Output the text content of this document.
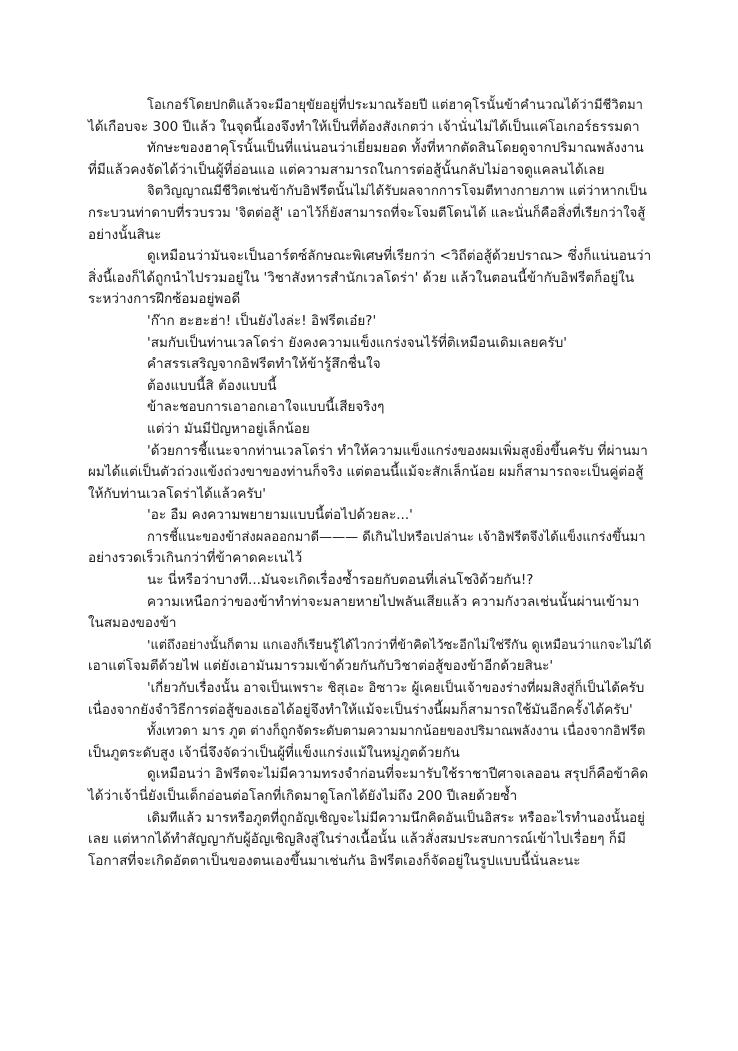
โอเกอร์โดยปกติแล้วจะมีอายุขัยอยู่ที่ประมาณร้อยปี แต่ฮาคุโรนั้นข้าคำนวณได้ว่ามีชีวิตมา
ได้เกือบจะ 300 ปีแล้ว ในจุดนี้เองจึงทำให้เป็นที่ต้องสังเกตว่า เจ้านั่นไม่ได้เป็นแค่โอเกอร์ธรรมดา
ทักษะของฮาคุโรนั้นเป็นที่แน่นอนว่าเยี่ยมยอด ทั้งที่หากตัดสินโดยดูจากปริมาณพลังงาน
ที่มีแล้วคงจัดได้ว่าเป็นผู้ที่อ่อนแอ แต่ความสามารถในการต่อสู้นั้นกลับไม่อาจดูแคลนได้เลย
จิตวิญญาณมีชีวิตเช่นข้ากับอิฟรีตนั้นไม่ได้รับผลจากการโจมตีทางกายภาพ แต่ว่าหากเป็น
กระบวนท่าดาบที่รวบรวม 'จิตต่อสู้' เอาไว้ก็ยังสามารถที่จะโจมตีโดนได้ และนั่นก็คือสิ่งที่เรียกว่าใจสู้
อย่างนั้นสินะ
ดูเหมือนว่ามันจะเป็นอาร์ตซ์ลักษณะพิเศษที่เรียกว่า <วิถีต่อสู้ด้วยปราณ> ซึ่งก็แน่นอนว่า
สิ่งนี้เองก็ได้ถูกนำไปรวมอยู่ใน 'วิชาสังหารสำนักเวลโดร่า' ด้วย แล้วในตอนนี้ข้ากับอิฟรีตก็อยู่ใน
ระหว่างการฝึกซ้อมอยู่พอดี
'ก๊าก ฮะฮะฮ่า! เป็นยังไงล่ะ! อิฟรีตเอ๋ย?'
'สมกับเป็นท่านเวลโดร่า ยังคงความแข็งแกร่งจนไร้ที่ติเหมือนเดิมเลยครับ'
คำสรรเสริญจากอิฟรีตทำให้ข้ารู้สึกชื่นใจ
ต้องแบบนี้สิ ต้องแบบนี้
ข้าละชอบการเอาอกเอาใจแบบนี้เสียจริงๆ
แต่ว่า มันมีปัญหาอยู่เล็กน้อย
'ด้วยการชี้แนะจากท่านเวลโดร่า ทำให้ความแข็งแกร่งของผมเพิ่มสูงยิ่งขึ้นครับ ที่ผ่านมา
ผมได้แต่เป็นตัวถ่วงแข้งถ่วงขาของท่านก็จริง แต่ตอนนี้แม้จะสักเล็กน้อย ผมก็สามารถจะเป็นคู่ต่อสู้
ให้กับท่านเวลโดร่าได้แล้วครับ'
'อะ อืม คงความพยายามแบบนี้ต่อไปด้วยละ...'
การชี้แนะของข้าส่งผลออกมาดี——— ดีเกินไปหรือเปล่านะ เจ้าอิฟรีตจึงได้แข็งแกร่งขึ้นมา
อย่างรวดเร็วเกินกว่าที่ข้าคาดคะเนไว้
นะ นี่หรือว่าบางที...มันจะเกิดเรื่องซ้ำรอยกับตอนที่เล่นโชงิด้วยกัน!?
ความเหนือกว่าของข้าทำท่าจะมลายหายไปพลันเสียแล้ว ความกังวลเช่นนั้นผ่านเข้ามา
ในสมองของข้า
'แต่ถึงอย่างนั้นก็ตาม แกเองก็เรียนรู้ได้ไวกว่าที่ข้าคิดไว้ซะอีกไม่ใช่รึกัน ดูเหมือนว่าแกจะไม่ได้
เอาแต่โจมตีด้วยไฟ แต่ยังเอามันมารวมเข้าด้วยกันกับวิชาต่อสู้ของข้าอีกด้วยสินะ'
'เกี่ยวกับเรื่องนั้น อาจเป็นเพราะ ชิสุเอะ อิซาวะ ผู้เคยเป็นเจ้าของร่างที่ผมสิงสู่ก็เป็นได้ครับ
เนื่องจากยังจำวิธีการต่อสู้ของเธอได้อยู่จึงทำให้แม้จะเป็นร่างนี้ผมก็สามารถใช้มันอีกครั้งได้ครับ'
ทั้งเทวดา มาร ภูต ต่างก็ถูกจัดระดับตามความมากน้อยของปริมาณพลังงาน เนื่องจากอิฟรีต
เป็นภูตระดับสูง เจ้านี่จึงจัดว่าเป็นผู้ที่แข็งแกร่งแม้ในหมู่ภูตด้วยกัน
ดูเหมือนว่า อิฟรีตจะไม่มีความทรงจำก่อนที่จะมารับใช้ราชาปีศาจเลออน สรุปก็คือข้าคิด
ได้ว่าเจ้านี่ยังเป็นเด็กอ่อนต่อโลกที่เกิดมาดูโลกได้ยังไม่ถึง 200 ปีเลยด้วยซ้ำ
เดิมทีแล้ว มารหรือภูตที่ถูกอัญเชิญจะไม่มีความนึกคิดอันเป็นอิสระ หรืออะไรทำนองนั้นอยู่
เลย แต่หากได้ทำสัญญากับผู้อัญเชิญสิงสู่ในร่างเนื้อนั้น แล้วสั่งสมประสบการณ์เข้าไปเรื่อยๆ ก็มี
โอกาสที่จะเกิดอัตตาเป็นของตนเองขึ้นมาเช่นกัน อิฟรีตเองก็จัดอยู่ในรูปแบบนี้นั่นละนะ
